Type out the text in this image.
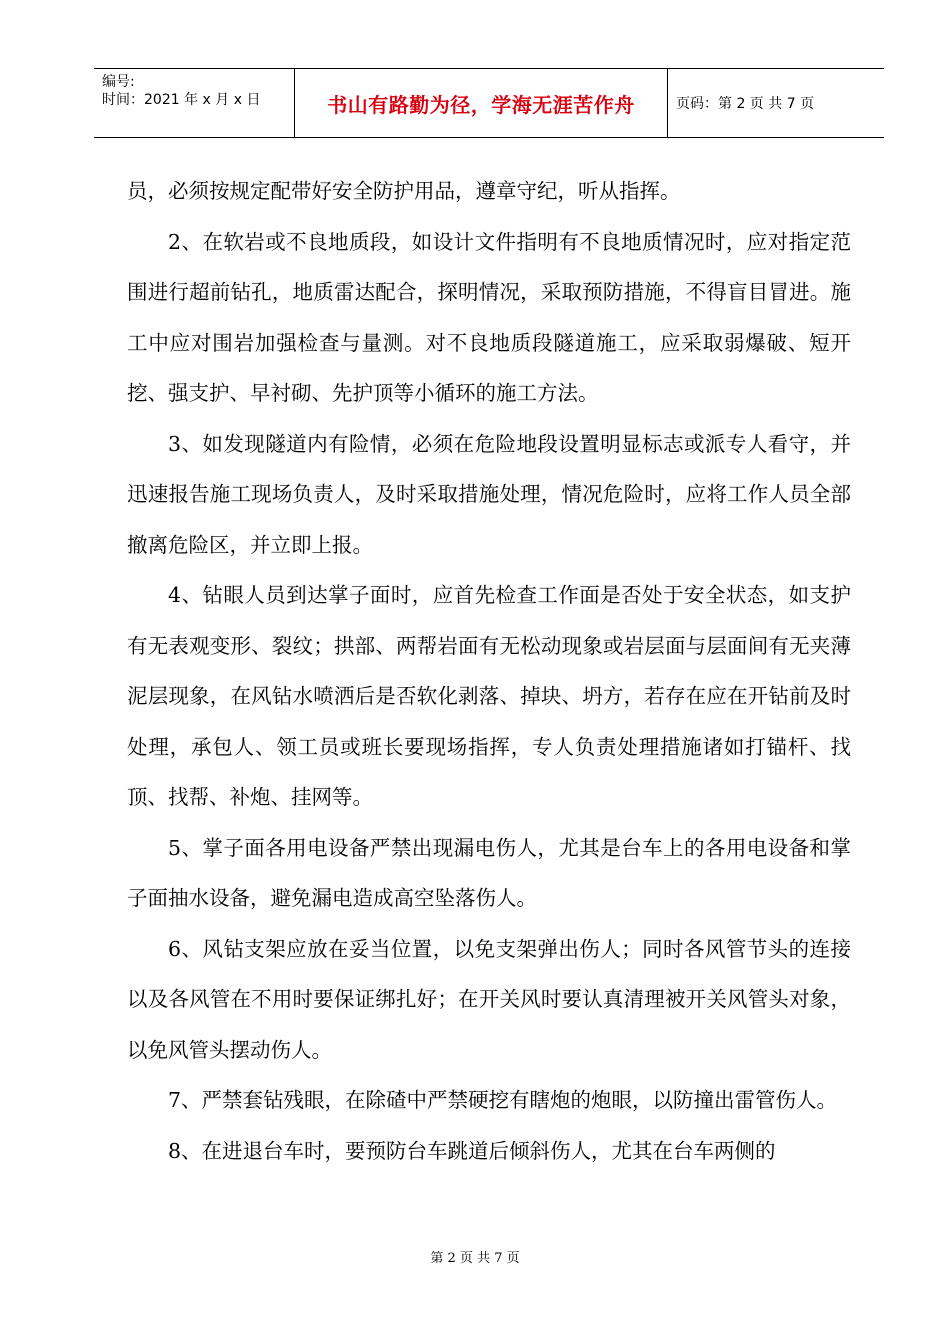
编号:
时间：2021 年 x 月 x 日	书山有路勤为径，学海无涯苦作舟	页码：第 2 页 共 7 页

员，必须按规定配带好安全防护用品，遵章守纪，听从指挥。

2、在软岩或不良地质段，如设计文件指明有不良地质情况时，应对指定范围进行超前钻孔，地质雷达配合，探明情况，采取预防措施，不得盲目冒进。施工中应对围岩加强检查与量测。对不良地质段隧道施工，应采取弱爆破、短开挖、强支护、早衬砌、先护顶等小循环的施工方法。

3、如发现隧道内有险情，必须在危险地段设置明显标志或派专人看守，并迅速报告施工现场负责人，及时采取措施处理，情况危险时，应将工作人员全部撤离危险区，并立即上报。

4、钻眼人员到达掌子面时，应首先检查工作面是否处于安全状态，如支护有无表观变形、裂纹；拱部、两帮岩面有无松动现象或岩层面与层面间有无夹薄泥层现象，在风钻水喷洒后是否软化剥落、掉块、坍方，若存在应在开钻前及时处理，承包人、领工员或班长要现场指挥，专人负责处理措施诸如打锚杆、找顶、找帮、补炮、挂网等。

5、掌子面各用电设备严禁出现漏电伤人，尤其是台车上的各用电设备和掌子面抽水设备，避免漏电造成高空坠落伤人。

6、风钻支架应放在妥当位置，以免支架弹出伤人；同时各风管节头的连接以及各风管在不用时要保证绑扎好；在开关风时要认真清理被开关风管头对象，以免风管头摆动伤人。

7、严禁套钻残眼，在除碴中严禁硬挖有瞎炮的炮眼，以防撞出雷管伤人。

8、在进退台车时，要预防台车跳道后倾斜伤人，尤其在台车两侧的

第 2 页 共 7 页
